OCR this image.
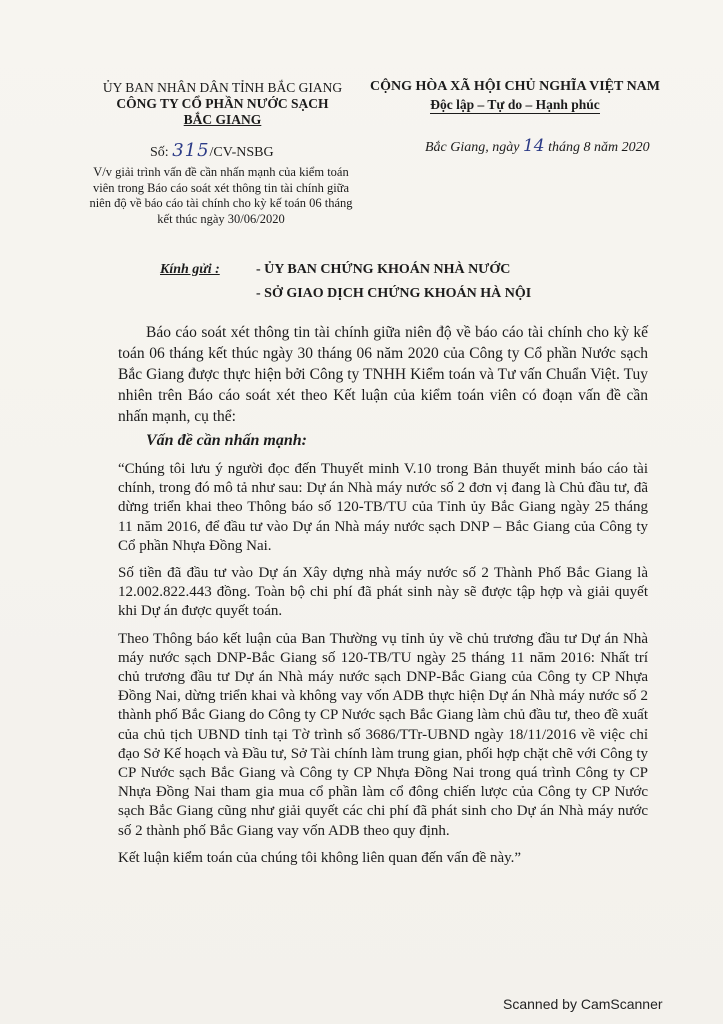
ỦY BAN NHÂN DÂN TỈNH BẮC GIANG
CÔNG TY CỔ PHẦN NƯỚC SẠCH
BẮC GIANG
CỘNG HÒA XÃ HỘI CHỦ NGHĨA VIỆT NAM
Độc lập – Tự do – Hạnh phúc
Số: 315/CV-NSBG	Bắc Giang, ngày 14 tháng 8 năm 2020
V/v giải trình vấn đề cần nhấn mạnh của kiểm toán viên trong Báo cáo soát xét thông tin tài chính giữa niên độ về báo cáo tài chính cho kỳ kế toán 06 tháng kết thúc ngày 30/06/2020
Kính gửi :	- ỦY BAN CHỨNG KHOÁN NHÀ NƯỚC
- SỞ GIAO DỊCH CHỨNG KHOÁN HÀ NỘI
Báo cáo soát xét thông tin tài chính giữa niên độ về báo cáo tài chính cho kỳ kế toán 06 tháng kết thúc ngày 30 tháng 06 năm 2020 của Công ty Cổ phần Nước sạch Bắc Giang được thực hiện bởi Công ty TNHH Kiểm toán và Tư vấn Chuẩn Việt. Tuy nhiên trên Báo cáo soát xét theo Kết luận của kiểm toán viên có đoạn vấn đề cần nhấn mạnh, cụ thể:
Vấn đề cần nhấn mạnh:

“Chúng tôi lưu ý người đọc đến Thuyết minh V.10 trong Bản thuyết minh báo cáo tài chính, trong đó mô tả như sau: Dự án Nhà máy nước số 2 đơn vị đang là Chủ đầu tư, đã dừng triển khai theo Thông báo số 120-TB/TU của Tỉnh ủy Bắc Giang ngày 25 tháng 11 năm 2016, để đầu tư vào Dự án Nhà máy nước sạch DNP – Bắc Giang của Công ty Cổ phần Nhựa Đồng Nai.

Số tiền đã đầu tư vào Dự án Xây dựng nhà máy nước số 2 Thành Phố Bắc Giang là 12.002.822.443 đồng. Toàn bộ chi phí đã phát sinh này sẽ được tập hợp và giải quyết khi Dự án được quyết toán.

Theo Thông báo kết luận của Ban Thường vụ tỉnh ủy về chủ trương đầu tư Dự án Nhà máy nước sạch DNP-Bắc Giang số 120-TB/TU ngày 25 tháng 11 năm 2016: Nhất trí chủ trương đầu tư Dự án Nhà máy nước sạch DNP-Bắc Giang của Công ty CP Nhựa Đồng Nai, dừng triển khai và không vay vốn ADB thực hiện Dự án Nhà máy nước số 2 thành phố Bắc Giang do Công ty CP Nước sạch Bắc Giang làm chủ đầu tư, theo đề xuất của chủ tịch UBND tỉnh tại Tờ trình số 3686/TTr-UBND ngày 18/11/2016 về việc chỉ đạo Sở Kế hoạch và Đầu tư, Sở Tài chính làm trung gian, phối hợp chặt chẽ với Công ty CP Nước sạch Bắc Giang và Công ty CP Nhựa Đồng Nai trong quá trình Công ty CP Nhựa Đồng Nai tham gia mua cổ phần làm cổ đông chiến lược của Công ty CP Nước sạch Bắc Giang cũng như giải quyết các chi phí đã phát sinh cho Dự án Nhà máy nước số 2 thành phố Bắc Giang vay vốn ADB theo quy định.

Kết luận kiểm toán của chúng tôi không liên quan đến vấn đề này.”

Scanned by CamScanner
